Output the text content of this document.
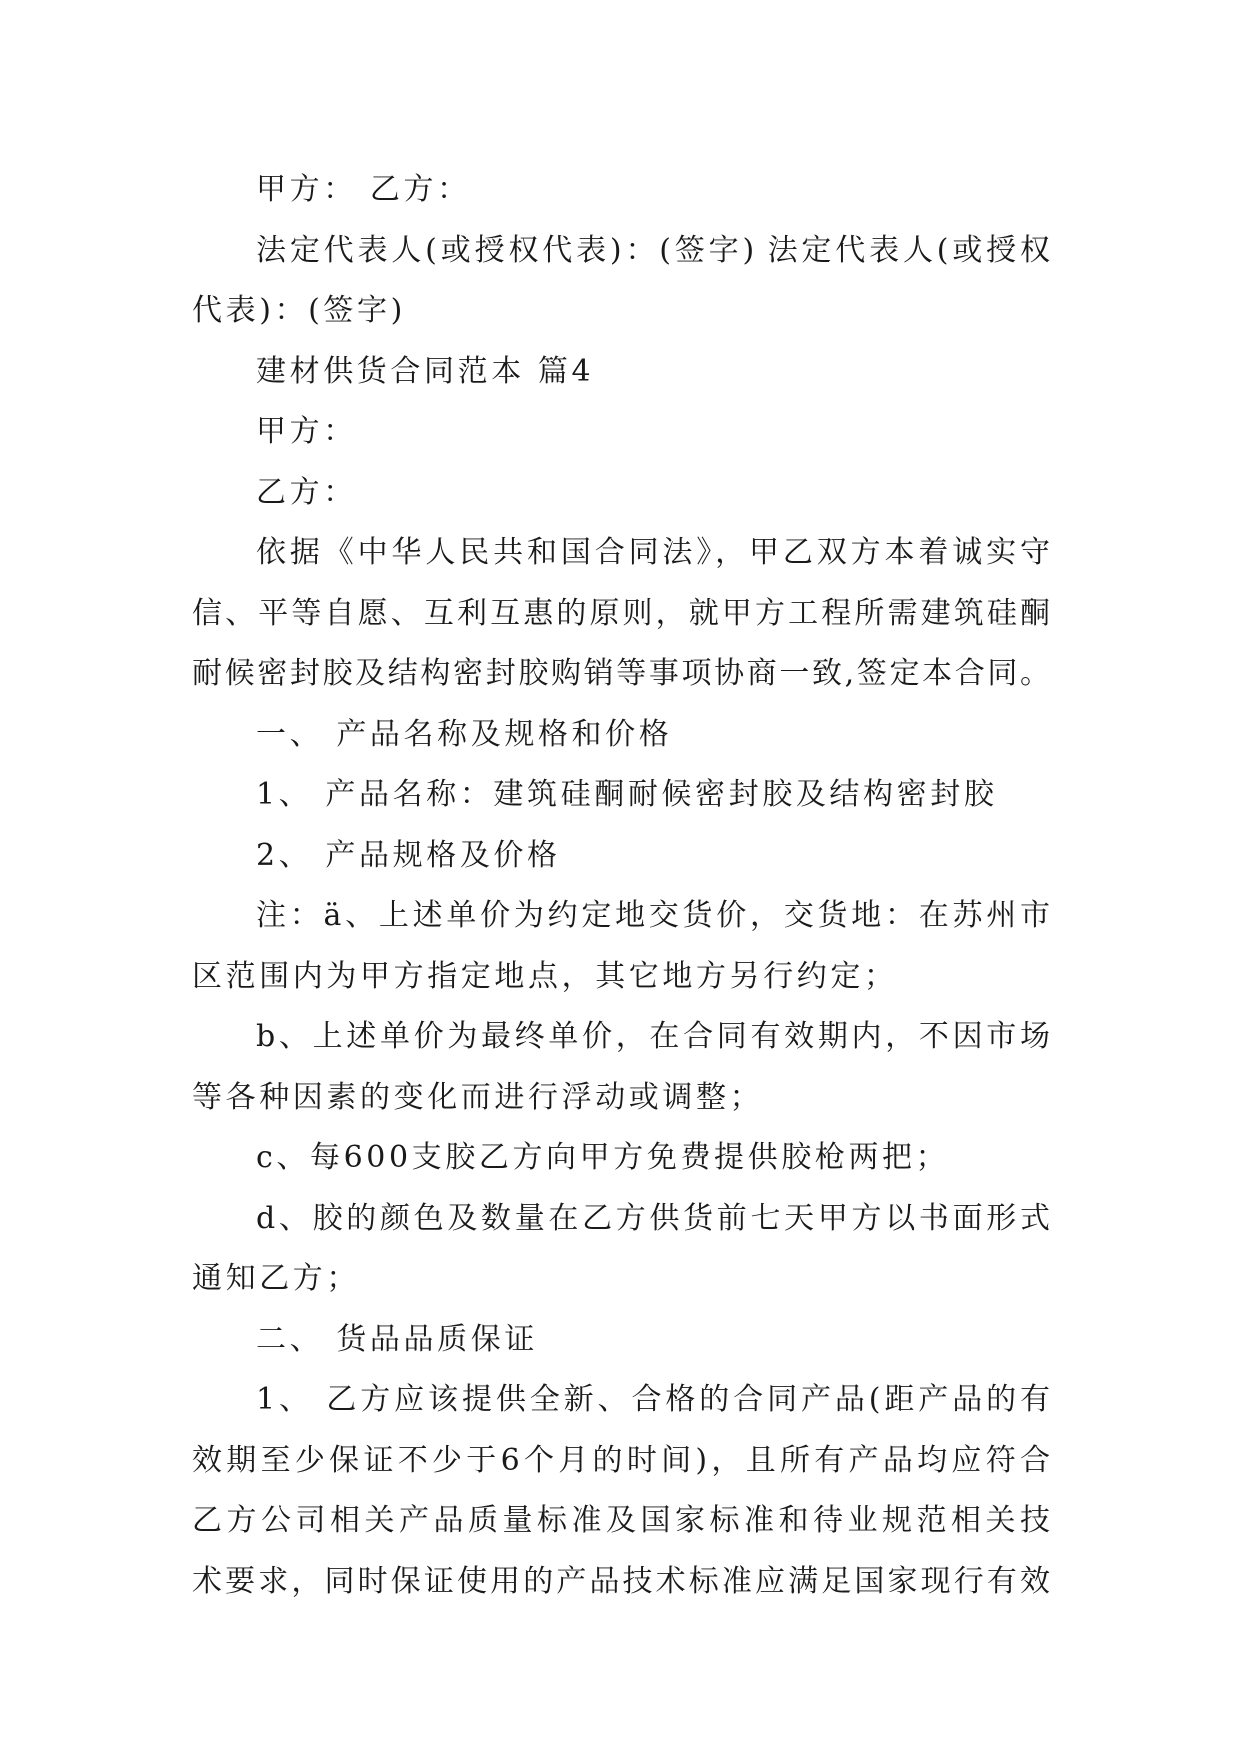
甲方： 乙方：
法定代表人(或授权代表)：(签字) 法定代表人(或授权
代表)：(签字)
建材供货合同范本 篇4
甲方：
乙方：
依据《中华人民共和国合同法》，甲乙双方本着诚实守
信、平等自愿、互利互惠的原则，就甲方工程所需建筑硅酮
耐候密封胶及结构密封胶购销等事项协商一致,签定本合同。
一、 产品名称及规格和价格
1、 产品名称：建筑硅酮耐候密封胶及结构密封胶
2、 产品规格及价格
注：ä、上述单价为约定地交货价，交货地：在苏州市
区范围内为甲方指定地点，其它地方另行约定；
b、上述单价为最终单价，在合同有效期内，不因市场
等各种因素的变化而进行浮动或调整；
c、每600支胶乙方向甲方免费提供胶枪两把；
d、胶的颜色及数量在乙方供货前七天甲方以书面形式
通知乙方；
二、 货品品质保证
1、 乙方应该提供全新、合格的合同产品(距产品的有
效期至少保证不少于6个月的时间)，且所有产品均应符合
乙方公司相关产品质量标准及国家标准和待业规范相关技
术要求，同时保证使用的产品技术标准应满足国家现行有效
